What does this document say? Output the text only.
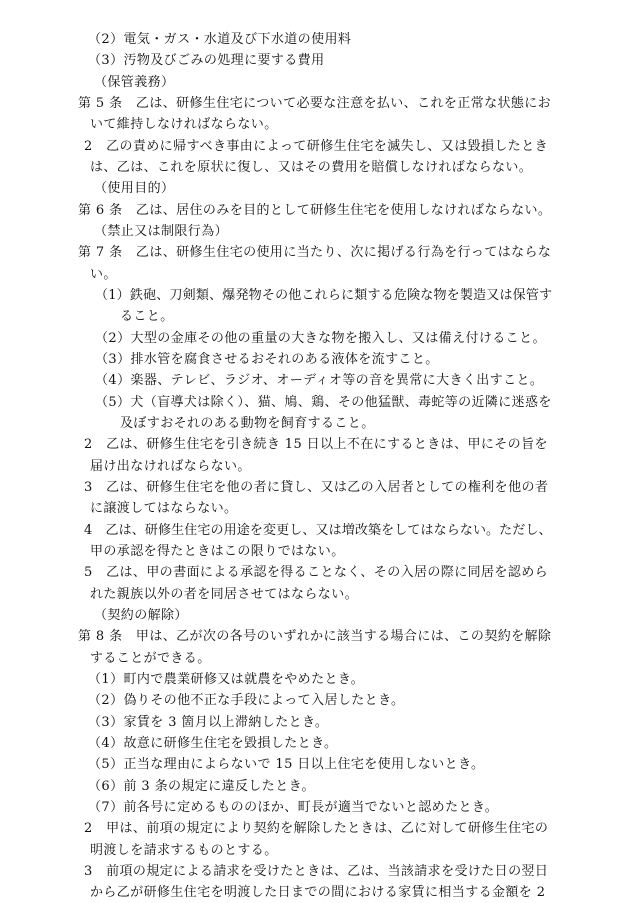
（2）電気・ガス・水道及び下水道の使用料
（3）汚物及びごみの処理に要する費用
（保管義務）
第 5 条　乙は、研修生住宅について必要な注意を払い、これを正常な状態にお
いて維持しなければならない。
2　乙の責めに帰すべき事由によって研修生住宅を滅失し、又は毀損したとき
は、乙は、これを原状に復し、又はその費用を賠償しなければならない。
（使用目的）
第 6 条　乙は、居住のみを目的として研修生住宅を使用しなければならない。
（禁止又は制限行為）
第 7 条　乙は、研修生住宅の使用に当たり、次に掲げる行為を行ってはならな
い。
（1）鉄砲、刀剣類、爆発物その他これらに類する危険な物を製造又は保管す
ること。
（2）大型の金庫その他の重量の大きな物を搬入し、又は備え付けること。
（3）排水管を腐食させるおそれのある液体を流すこと。
（4）楽器、テレビ、ラジオ、オーディオ等の音を異常に大きく出すこと。
（5）犬（盲導犬は除く）、猫、鳩、鶏、その他猛獣、毒蛇等の近隣に迷惑を
及ぼすおそれのある動物を飼育すること。
2　乙は、研修生住宅を引き続き 15 日以上不在にするときは、甲にその旨を
届け出なければならない。
3　乙は、研修生住宅を他の者に貸し、又は乙の入居者としての権利を他の者
に譲渡してはならない。
4　乙は、研修生住宅の用途を変更し、又は増改築をしてはならない。ただし、
甲の承認を得たときはこの限りではない。
5　乙は、甲の書面による承認を得ることなく、その入居の際に同居を認めら
れた親族以外の者を同居させてはならない。
（契約の解除）
第 8 条　甲は、乙が次の各号のいずれかに該当する場合には、この契約を解除
することができる。
（1）町内で農業研修又は就農をやめたとき。
（2）偽りその他不正な手段によって入居したとき。
（3）家賃を 3 箇月以上滞納したとき。
（4）故意に研修生住宅を毀損したとき。
（5）正当な理由によらないで 15 日以上住宅を使用しないとき。
（6）前 3 条の規定に違反したとき。
（7）前各号に定めるもののほか、町長が適当でないと認めたとき。
2　甲は、前項の規定により契約を解除したときは、乙に対して研修生住宅の
明渡しを請求するものとする。
3　前項の規定による請求を受けたときは、乙は、当該請求を受けた日の翌日
から乙が研修生住宅を明渡した日までの間における家賃に相当する金額を 2
